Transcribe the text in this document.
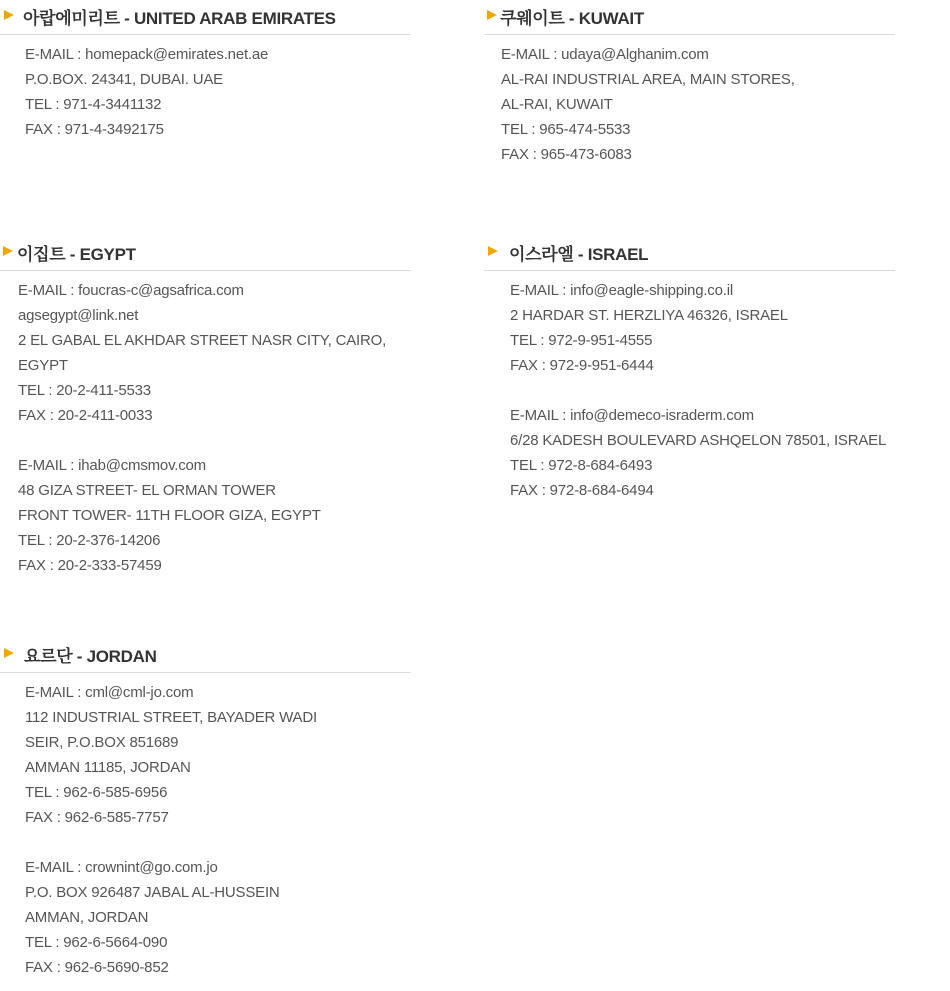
아랍에미리트 - UNITED ARAB EMIRATES
E-MAIL : homepack@emirates.net.ae
P.O.BOX. 24341, DUBAI. UAE
TEL : 971-4-3441132
FAX : 971-4-3492175
쿠웨이트 - KUWAIT
E-MAIL : udaya@Alghanim.com
AL-RAI INDUSTRIAL AREA, MAIN STORES,
AL-RAI, KUWAIT
TEL : 965-474-5533
FAX : 965-473-6083
이집트 - EGYPT
E-MAIL : foucras-c@agsafrica.com
agsegypt@link.net
2 EL GABAL EL AKHDAR STREET NASR CITY, CAIRO,
EGYPT
TEL : 20-2-411-5533
FAX : 20-2-411-0033
E-MAIL : ihab@cmsmov.com
48 GIZA STREET- EL ORMAN TOWER
FRONT TOWER- 11TH FLOOR GIZA, EGYPT
TEL : 20-2-376-14206
FAX : 20-2-333-57459
이스라엘 - ISRAEL
E-MAIL : info@eagle-shipping.co.il
2 HARDAR ST. HERZLIYA 46326, ISRAEL
TEL : 972-9-951-4555
FAX : 972-9-951-6444
E-MAIL : info@demeco-israderm.com
6/28 KADESH BOULEVARD ASHQELON 78501, ISRAEL
TEL : 972-8-684-6493
FAX : 972-8-684-6494
요르단 - JORDAN
E-MAIL : cml@cml-jo.com
112 INDUSTRIAL STREET, BAYADER WADI
SEIR, P.O.BOX 851689
AMMAN 11185, JORDAN
TEL : 962-6-585-6956
FAX : 962-6-585-7757
E-MAIL : crownint@go.com.jo
P.O. BOX 926487 JABAL AL-HUSSEIN
AMMAN, JORDAN
TEL : 962-6-5664-090
FAX : 962-6-5690-852
